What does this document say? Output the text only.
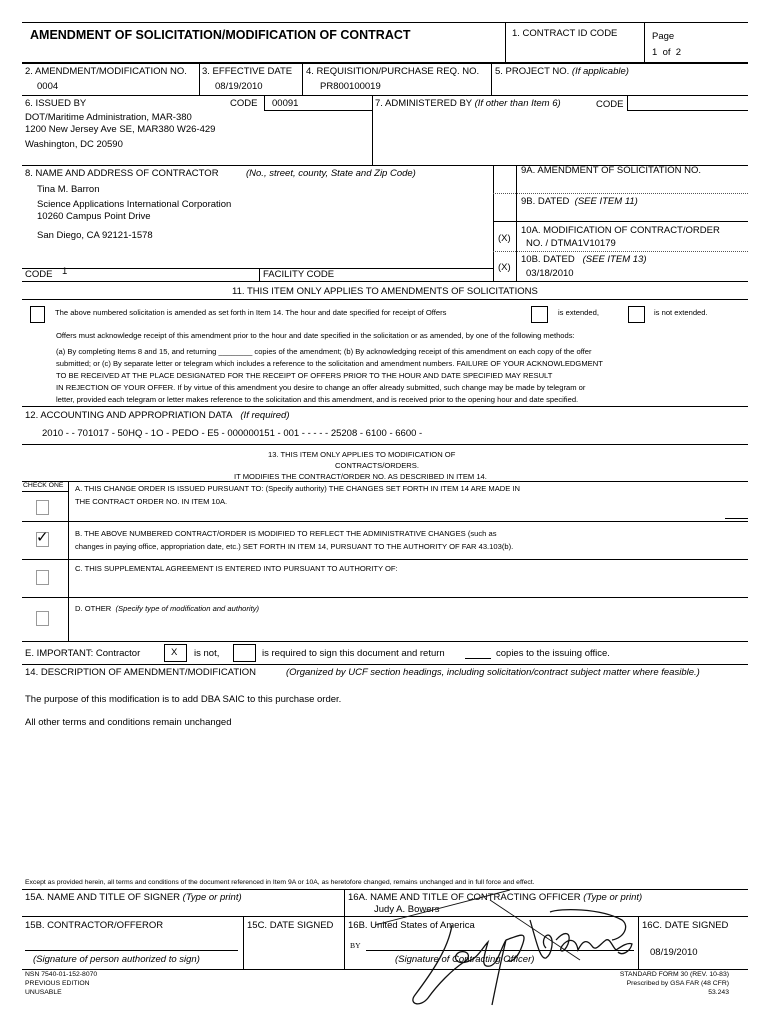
AMENDMENT OF SOLICITATION/MODIFICATION OF CONTRACT	1. CONTRACT ID CODE	Page
1 of 2
2. AMENDMENT/MODIFICATION NO.
0004
3. EFFECTIVE DATE
08/19/2010
4. REQUISITION/PURCHASE REQ. NO.
PR800100019
5. PROJECT NO. (If applicable)
6. ISSUED BY	CODE 00091	7. ADMINISTERED BY (If other than Item 6)	CODE
DOT/Maritime Administration, MAR-380
1200 New Jersey Ave SE, MAR380 W26-429
Washington, DC 20590
8. NAME AND ADDRESS OF CONTRACTOR	(No., street, county, State and Zip Code)
Tina M. Barron
Science Applications International Corporation
10260 Campus Point Drive
San Diego, CA 92121-1578
CODE 1	FACILITY CODE
9A. AMENDMENT OF SOLICITATION NO.
9B. DATED (SEE ITEM 11)
(X)
10A. MODIFICATION OF CONTRACT/ORDER
NO. / DTMA1V10179
(X)
10B. DATED (SEE ITEM 13)
03/18/2010
11. THIS ITEM ONLY APPLIES TO AMENDMENTS OF SOLICITATIONS
The above numbered solicitation is amended as set forth in Item 14. The hour and date specified for receipt of Offers	is extended,	is not extended.
Offers must acknowledge receipt of this amendment prior to the hour and date specified in the solicitation or as amended, by one of the following methods:
(a) By completing Items 8 and 15, and returning ________ copies of the amendment; (b) By acknowledging receipt of this amendment on each copy of the offer
submitted; or (c) By separate letter or telegram which includes a reference to the solicitation and amendment numbers. FAILURE OF YOUR ACKNOWLEDGMENT
TO BE RECEIVED AT THE PLACE DESIGNATED FOR THE RECEIPT OF OFFERS PRIOR TO THE HOUR AND DATE SPECIFIED MAY RESULT
IN REJECTION OF YOUR OFFER. If by virtue of this amendment you desire to change an offer already submitted, such change may be made by telegram or
letter, provided each telegram or letter makes reference to the solicitation and this amendment, and is received prior to the opening hour and date specified.
12. ACCOUNTING AND APPROPRIATION DATA (If required)
2010 - - 701017 - 50HQ - 1O - PEDO - E5 - 000000151 - 001 - - - - - 25208 - 6100 - 6600 -
13. THIS ITEM ONLY APPLIES TO MODIFICATION OF
CONTRACTS/ORDERS.
IT MODIFIES THE CONTRACT/ORDER NO. AS DESCRIBED IN ITEM 14.
CHECK ONE A. THIS CHANGE ORDER IS ISSUED PURSUANT TO: (Specify authority) THE CHANGES SET FORTH IN ITEM 14 ARE MADE IN
THE CONTRACT ORDER NO. IN ITEM 10A.
✓	B. THE ABOVE NUMBERED CONTRACT/ORDER IS MODIFIED TO REFLECT THE ADMINISTRATIVE CHANGES (such as
changes in paying office, appropriation date, etc.) SET FORTH IN ITEM 14, PURSUANT TO THE AUTHORITY OF FAR 43.103(b).
C. THIS SUPPLEMENTAL AGREEMENT IS ENTERED INTO PURSUANT TO AUTHORITY OF:
D. OTHER (Specify type of modification and authority)
E. IMPORTANT: Contractor	X is not,	is required to sign this document and return	copies to the issuing office.
14. DESCRIPTION OF AMENDMENT/MODIFICATION	(Organized by UCF section headings, including solicitation/contract subject matter where feasible.)
The purpose of this modification is to add DBA SAIC to this purchase order.
All other terms and conditions remain unchanged
Except as provided herein, all terms and conditions of the document referenced in Item 9A or 10A, as heretofore changed, remains unchanged and in full force and effect.
15A. NAME AND TITLE OF SIGNER (Type or print)	16A. NAME AND TITLE OF CONTRACTING OFFICER (Type or print)
Judy A. Bowers
15B. CONTRACTOR/OFFEROR	15C. DATE SIGNED 16B. United States of America	16C. DATE SIGNED
08/19/2010
BY
(Signature of person authorized to sign)	(Signature of Contracting Officer)
NSN 7540-01-152-8070
PREVIOUS EDITION
UNUSABLE
STANDARD FORM 30 (REV. 10-83)
Prescribed by GSA FAR (48 CFR)
53.243
